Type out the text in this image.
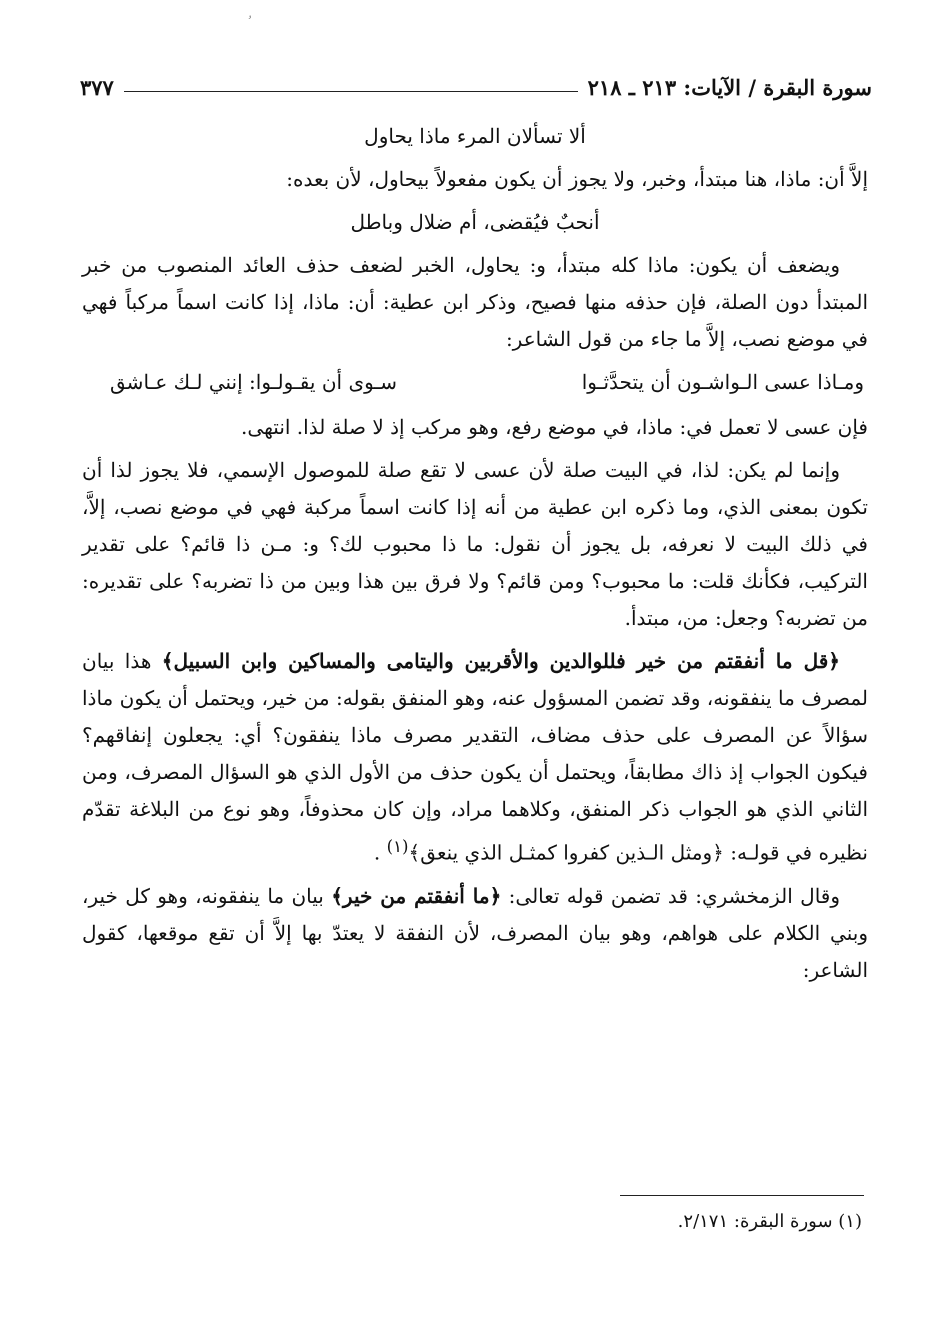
ۥ
سورة البقرة / الآيات: ٢١٣ ـ ٢١٨
٣٧٧

ألا تسألان المرء ماذا يحاول

إلاَّ أن: ماذا، هنا مبتدأ، وخبر، ولا يجوز أن يكون مفعولاً بيحاول، لأن بعده:

أنحبٌ فيُقضى، أم ضلال وباطل

ويضعف أن يكون: ماذا كله مبتدأ، و: يحاول، الخبر لضعف حذف العائد المنصوب من خبر المبتدأ دون الصلة، فإن حذفه منها فصيح، وذكر ابن عطية: أن: ماذا، إذا كانت اسماً مركباً فهي في موضع نصب، إلاَّ ما جاء من قول الشاعر:

ومـاذا عسى الـواشـون أن يتحدَّثـوا
سـوى أن يقـولـوا: إنني لـك عـاشق

فإن عسى لا تعمل في: ماذا، في موضع رفع، وهو مركب إذ لا صلة لذا. انتهى.

وإنما لم يكن: لذا، في البيت صلة لأن عسى لا تقع صلة للموصول الإسمي، فلا يجوز لذا أن تكون بمعنى الذي، وما ذكره ابن عطية من أنه إذا كانت اسماً مركبة فهي في موضع نصب، إلاَّ، في ذلك البيت لا نعرفه، بل يجوز أن نقول: ما ذا محبوب لك؟ و: مـن ذا قائم؟ على تقدير التركيب، فكأنك قلت: ما محبوب؟ ومن قائم؟ ولا فرق بين هذا وبين من ذا تضربه؟ على تقديره: من تضربه؟ وجعل: من، مبتدأ.

﴿قل ما أنفقتم من خير فللوالدين والأقربين واليتامى والمساكين وابن السبيل﴾ هذا بيان لمصرف ما ينفقونه، وقد تضمن المسؤول عنه، وهو المنفق بقوله: من خير، ويحتمل أن يكون ماذا سؤالاً عن المصرف على حذف مضاف، التقدير مصرف ماذا ينفقون؟ أي: يجعلون إنفاقهم؟ فيكون الجواب إذ ذاك مطابقاً، ويحتمل أن يكون حذف من الأول الذي هو السؤال المصرف، ومن الثاني الذي هو الجواب ذكر المنفق، وكلاهما مراد، وإن كان محذوفاً، وهو نوع من البلاغة تقدّم نظيره في قولـه: ﴿ومثل الـذين كفروا كمثـل الذي ينعق﴾$^{(١)}$ .

وقال الزمخشري: قد تضمن قوله تعالى: ﴿ما أنفقتم من خير﴾ بيان ما ينفقونه، وهو كل خير، وبني الكلام على هواهم، وهو بيان المصرف، لأن النفقة لا يعتدّ بها إلاَّ أن تقع موقعها، كقول الشاعر:

(١) سورة البقرة: ٢/١٧١.
